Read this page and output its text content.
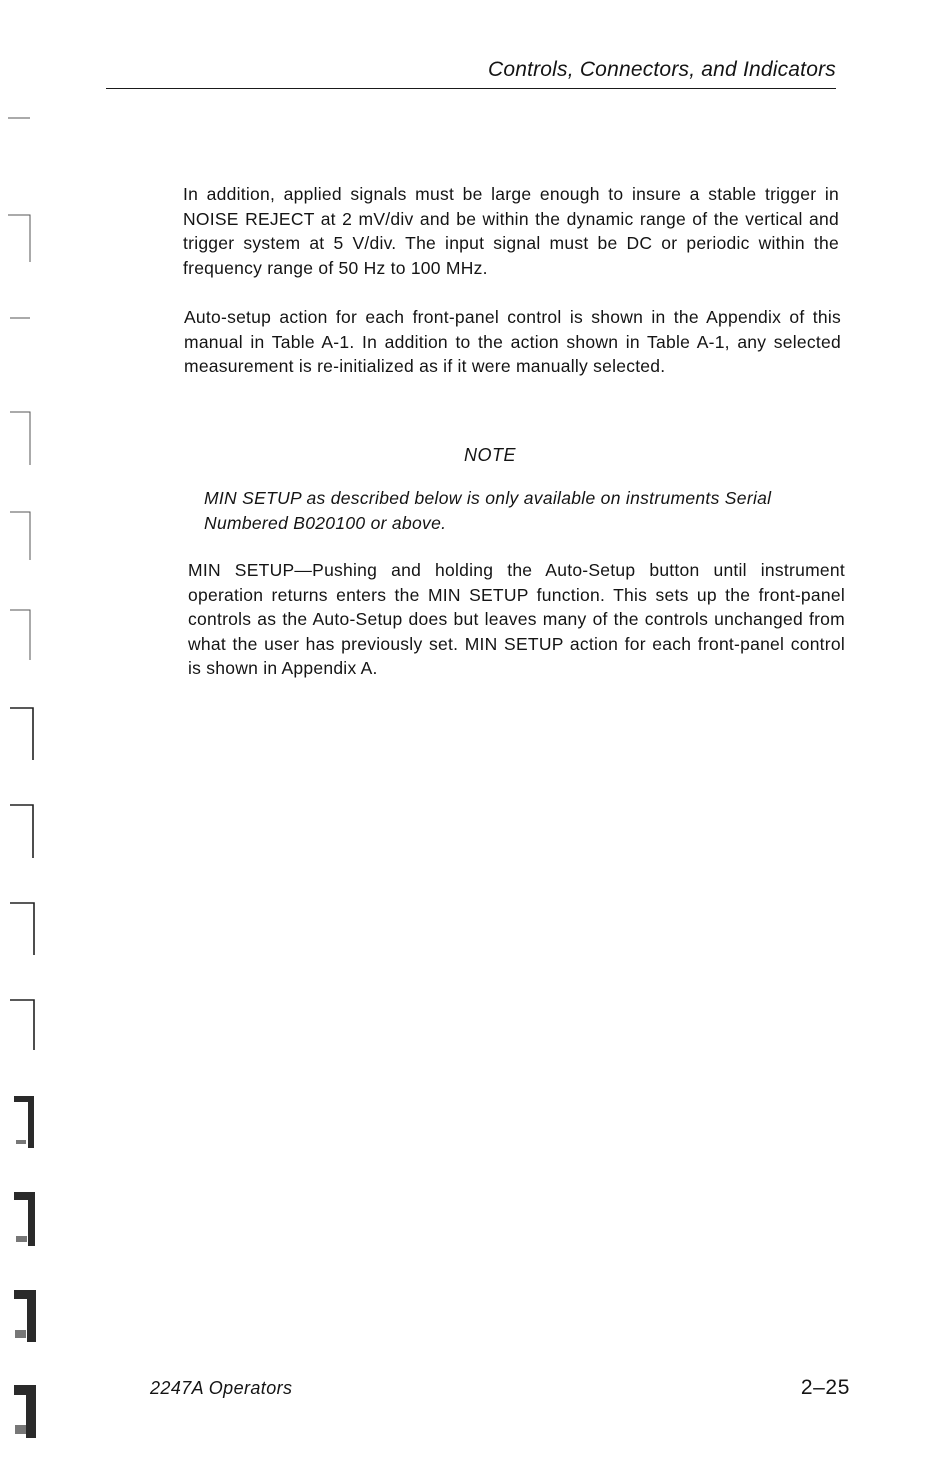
Controls, Connectors, and Indicators

In addition, applied signals must be large enough to insure a stable trigger in NOISE REJECT at 2 mV/div and be within the dynamic range of the vertical and trigger system at 5 V/div. The input signal must be DC or periodic within the frequency range of 50 Hz to 100 MHz.

Auto-setup action for each front-panel control is shown in the Appendix of this manual in Table A-1. In addition to the action shown in Table A-1, any selected measurement is re-initialized as if it were manually selected.

NOTE

MIN SETUP as described below is only available on instruments Serial Numbered B020100 or above.

MIN SETUP—Pushing and holding the Auto-Setup button until instrument operation returns enters the MIN SETUP function. This sets up the front-panel controls as the Auto-Setup does but leaves many of the controls unchanged from what the user has previously set. MIN SETUP action for each front-panel control is shown in Appendix A.

2247A Operators	2–25
